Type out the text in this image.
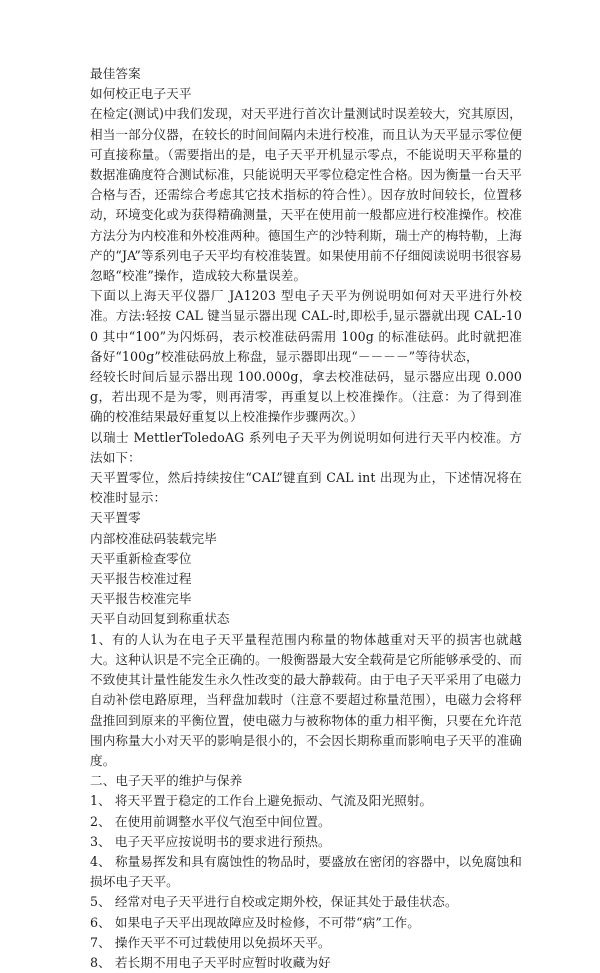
最佳答案

如何校正电子天平

在检定(测试)中我们发现，对天平进行首次计量测试时误差较大，究其原因，相当一部分仪器，在较长的时间间隔内未进行校准，而且认为天平显示零位便可直接称量。（需要指出的是，电子天平开机显示零点，不能说明天平称量的数据准确度符合测试标准，只能说明天平零位稳定性合格。因为衡量一台天平合格与否，还需综合考虑其它技术指标的符合性）。因存放时间较长，位置移动，环境变化或为获得精确测量，天平在使用前一般都应进行校准操作。校准方法分为内校准和外校准两种。德国生产的沙特利斯，瑞士产的梅特勒，上海产的“JA”等系列电子天平均有校准装置。如果使用前不仔细阅读说明书很容易忽略“校准”操作，造成较大称量误差。

下面以上海天平仪器厂 JA1203 型电子天平为例说明如何对天平进行外校准。方法:轻按 CAL 键当显示器出现 CAL-时,即松手,显示器就出现 CAL-100 其中“100”为闪烁码，表示校准砝码需用 100g 的标准砝码。此时就把准备好“100g”校准砝码放上称盘，显示器即出现“－－－－”等待状态，

经较长时间后显示器出现 100.000g，拿去校准砝码，显示器应出现 0.000g，若出现不是为零，则再清零，再重复以上校准操作。（注意：为了得到准确的校准结果最好重复以上校准操作步骤两次。）

以瑞士 MettlerToledoAG 系列电子天平为例说明如何进行天平内校准。方法如下：

天平置零位，然后持续按住“CAL”键直到 CAL int 出现为止，下述情况将在校准时显示：

天平置零

内部校准砝码装载完毕

天平重新检查零位

天平报告校准过程

天平报告校准完毕

天平自动回复到称重状态

1、有的人认为在电子天平量程范围内称量的物体越重对天平的损害也就越大。这种认识是不完全正确的。一般衡器最大安全载荷是它所能够承受的、而不致使其计量性能发生永久性改变的最大静载荷。由于电子天平采用了电磁力自动补偿电路原理，当秤盘加载时（注意不要超过称量范围），电磁力会将秤盘推回到原来的平衡位置，使电磁力与被称物体的重力相平衡，只要在允许范围内称量大小对天平的影响是很小的，不会因长期称重而影响电子天平的准确度。

二、电子天平的维护与保养

1、 将天平置于稳定的工作台上避免振动、气流及阳光照射。

2、 在使用前调整水平仪气泡至中间位置。

3、 电子天平应按说明书的要求进行预热。

4、 称量易挥发和具有腐蚀性的物品时，要盛放在密闭的容器中，以免腐蚀和损坏电子天平。

5、 经常对电子天平进行自校或定期外校，保证其处于最佳状态。

6、 如果电子天平出现故障应及时检修，不可带“病”工作。

7、 操作天平不可过载使用以免损坏天平。

8、 若长期不用电子天平时应暂时收藏为好
